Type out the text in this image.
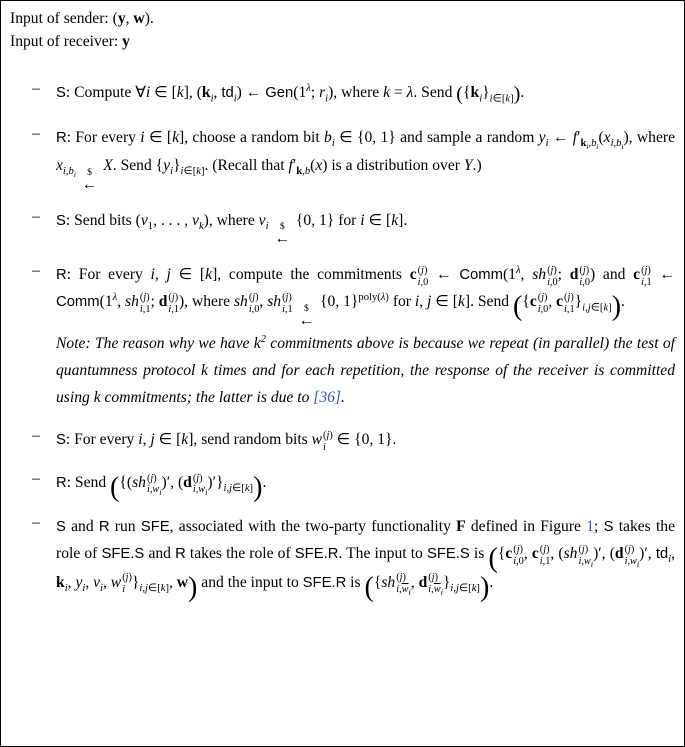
Input of sender: (y, w).

Input of receiver: y

–	S: Compute ∀i ∈ [k], ($k_i$, $td_i$) ← $Gen(1^\lambda$; $r_i$), where k = λ. Send $(\{k_i\}_{i\in[k]})$.
–	R: For every i ∈ [k], choose a random bit $b_i$ ∈ {0, 1} and sample a random $y_i$ ← $f'_{k_i,b_i}(x_{i,b_i})$, where $x_{i,b_i}$ $
←
X. Send $\{y_i\}_{i\in[k]}$. (Recall that $f'_{k,b}(x)$ is a distribution over Y.)
–	S: Send bits ($v_1$, . . . , $v_k$), where $v_i$ $
←
{0, 1} for i ∈ [k].
–	R: For every i, j ∈ [k], compute the commitments c (j)
i,0 ← $Comm(1^\lambda$, sh (j)
i,0 ; d (j)
i,0 ) and c (j)
i,1 ← $Comm(1^\lambda$, sh (j)
i,1 ; d (j)
i,1 ), where sh (j)
i,0 , sh (j)
i,1
$
←
{0, 1}$^{poly(\lambda)}$ for i, j ∈ [k]. Send ({c (j)
i,0 , c (j)
i,1 }$_{i,j\in[k]}$).
Note: The reason why we have $k^2$ commitments above is because we repeat (in parallel) the test of quantumness protocol k times and for each repetition, the response of the receiver is committed using k commitments; the latter is due to [36].
–	S: For every i, j ∈ [k], send random bits w (j)
i ∈ {0, 1}.
–	R: Send ({(sh (j)
$i,w_i$
)′, (d (j)
$i,w_i$
)$'\}_{i,j\in[k]}$).
–	S and R run SFE, associated with the two-party functionality F defined in Figure 1; S takes the role of SFE.S and R takes the role of SFE.R. The input to SFE.S is ({c (j)
i,0 , c (j)
i,1 , (sh (j)
$i,w_i$
)′, (d (j)
$i,w_i$
)′, $td_i$, $k_i$, $y_i$, $v_i$, w (j)
i }$_{i,j\in[k]}$, w) and the input to SFE.R is ({sh (j)
$i,\overline{w}_i$
, d (j)
$i,\overline{w}_i$
}$_{i,j\in[k]}$).
